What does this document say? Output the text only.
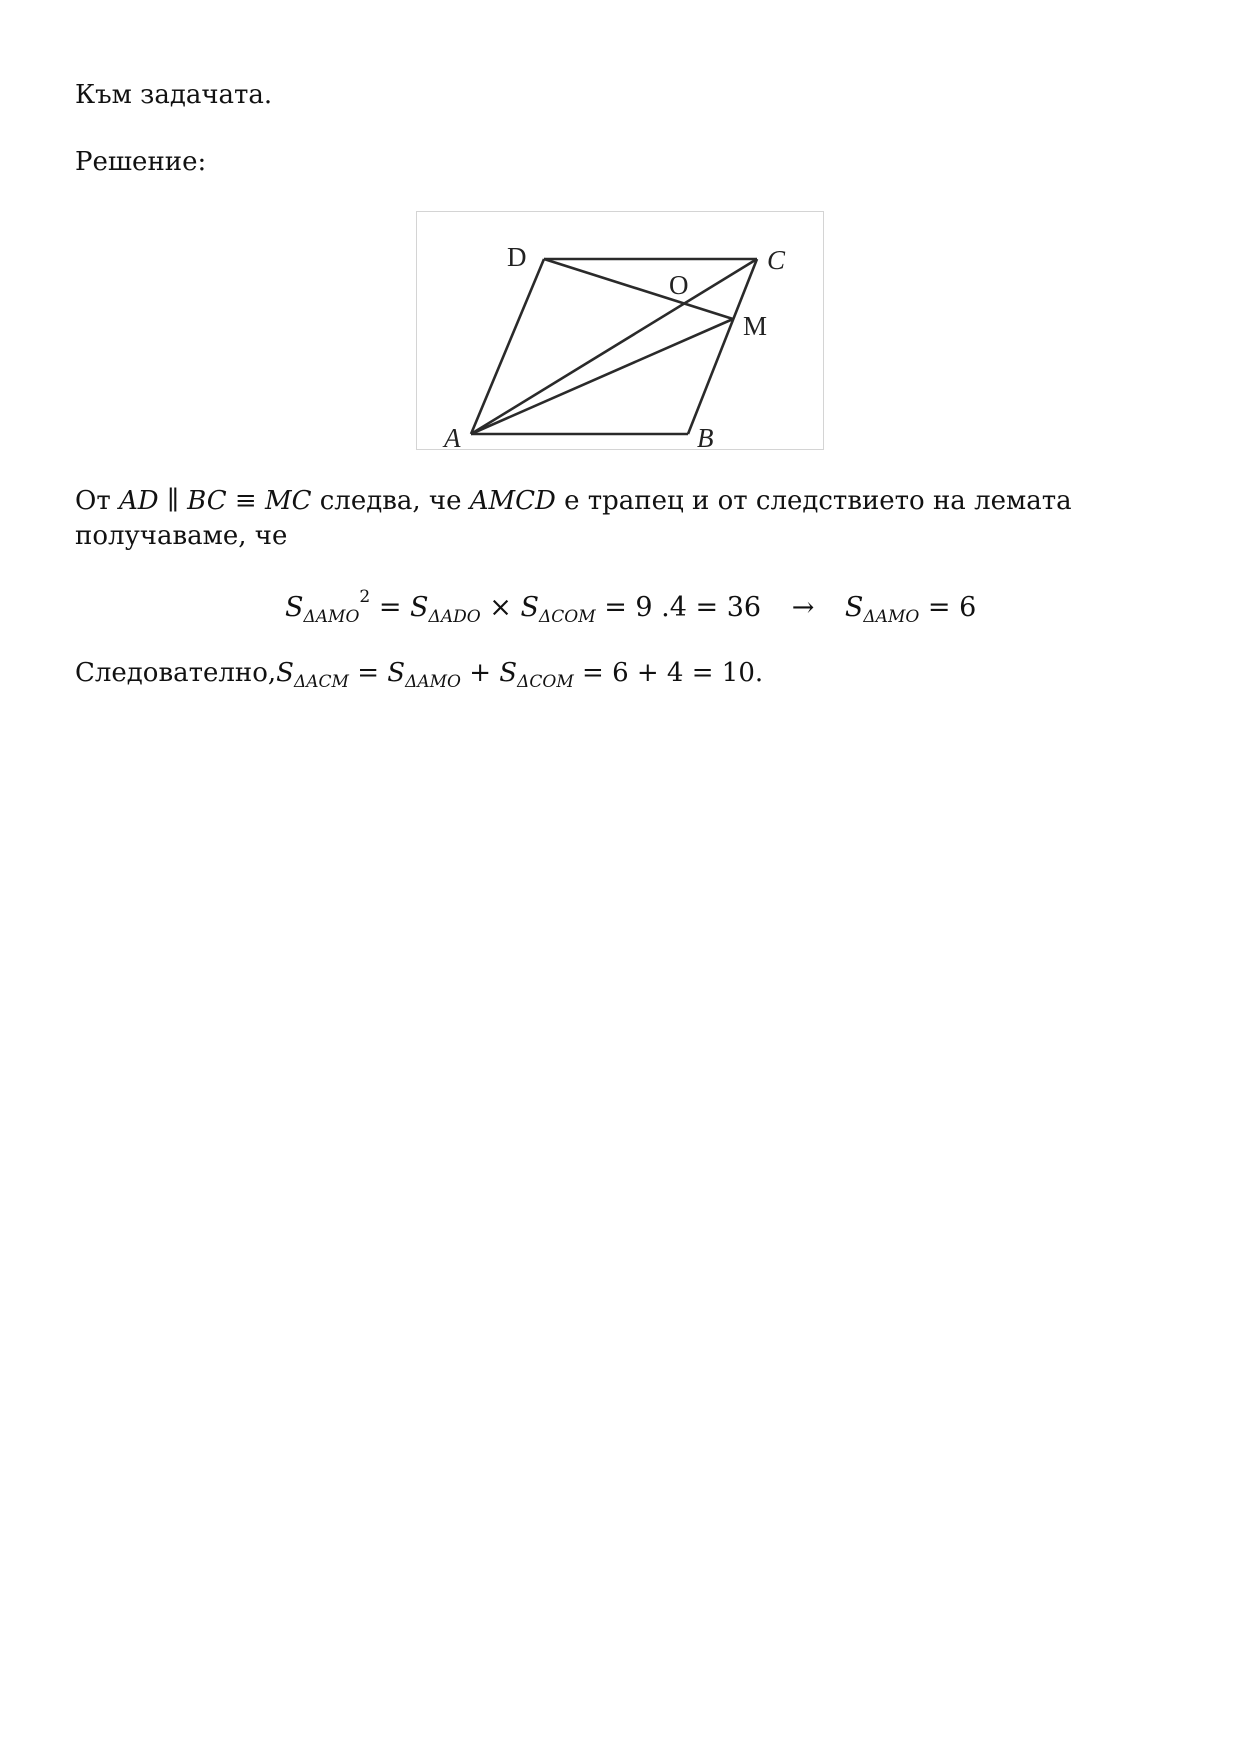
Към задачата.
Решение:
D	C
O
M
A	B
От AD ∥ BC ≡ MC следва, че AMCD е трапец и от следствието на лемата
получаваме, че
$S_{\Delta AMO}^2 = S_{\Delta ADO} \times S_{\Delta COM} = 9$ $.4 = 36 \to S_{\Delta AMO} = 6$
$Следователно,S_{\Delta ACM} = S_{\Delta AMO} + S_{\Delta COM} = 6 + 4 = 10$.
